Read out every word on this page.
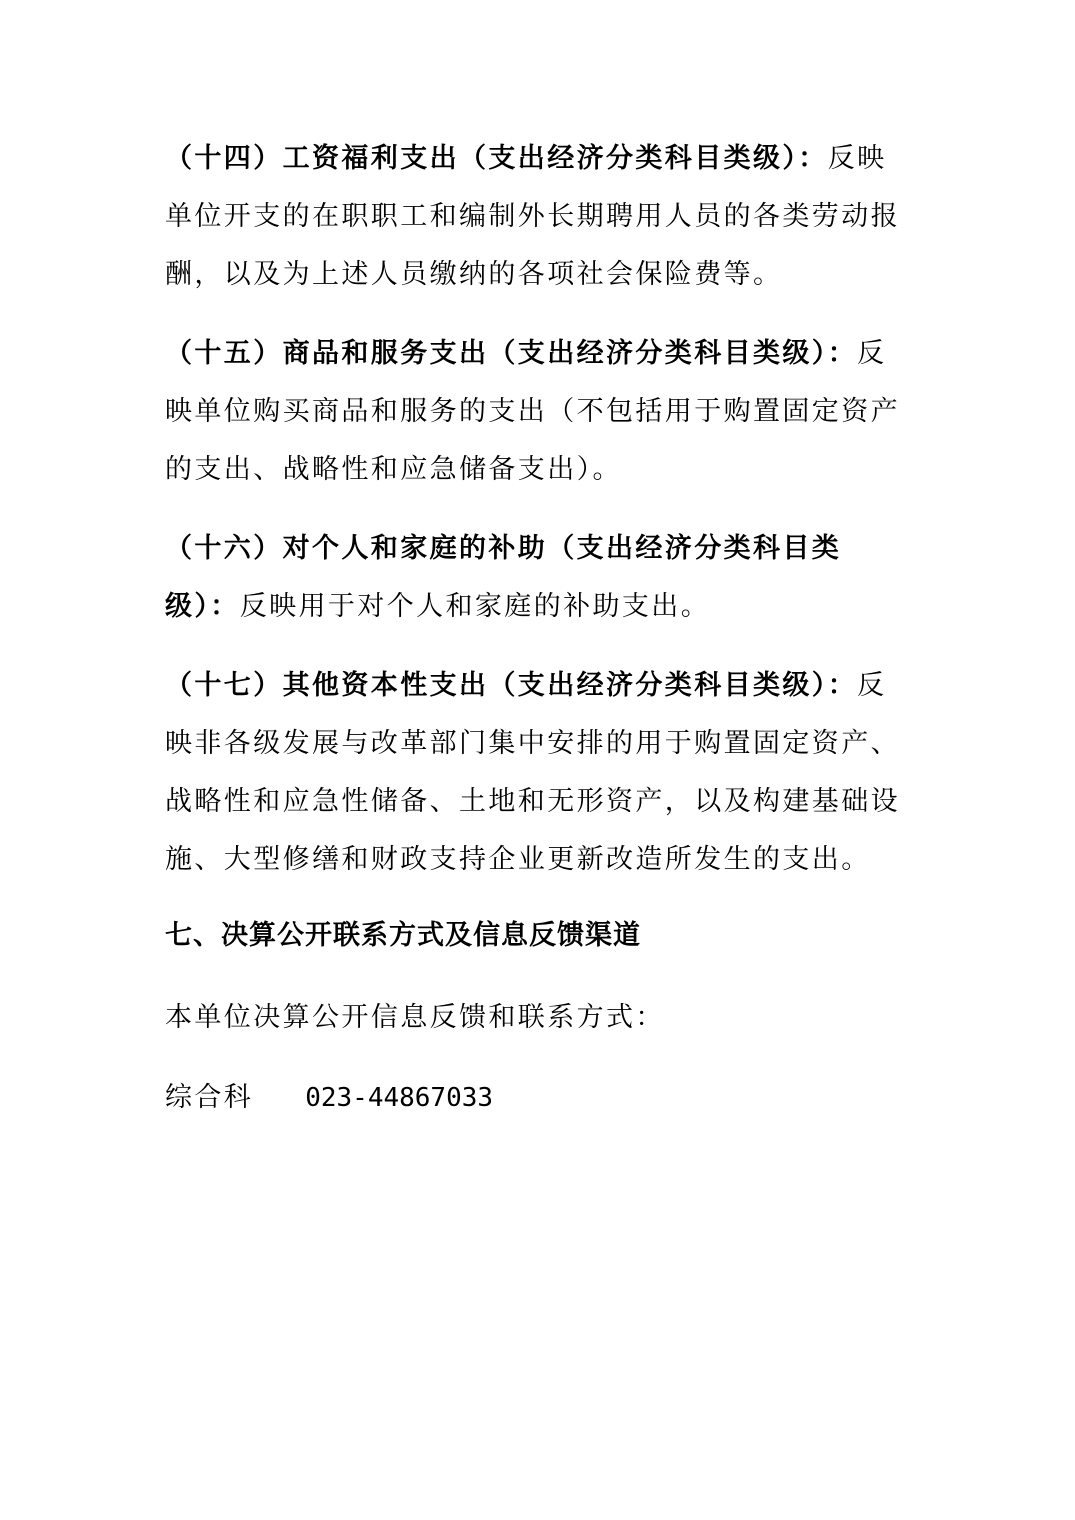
（十四）工资福利支出（支出经济分类科目类级）：反映单位开支的在职职工和编制外长期聘用人员的各类劳动报酬，以及为上述人员缴纳的各项社会保险费等。

（十五）商品和服务支出（支出经济分类科目类级）：反映单位购买商品和服务的支出（不包括用于购置固定资产的支出、战略性和应急储备支出）。

（十六）对个人和家庭的补助（支出经济分类科目类级）：反映用于对个人和家庭的补助支出。

（十七）其他资本性支出（支出经济分类科目类级）：反映非各级发展与改革部门集中安排的用于购置固定资产、战略性和应急性储备、土地和无形资产，以及构建基础设施、大型修缮和财政支持企业更新改造所发生的支出。

七、决算公开联系方式及信息反馈渠道

本单位决算公开信息反馈和联系方式：

综合科 023-44867033
